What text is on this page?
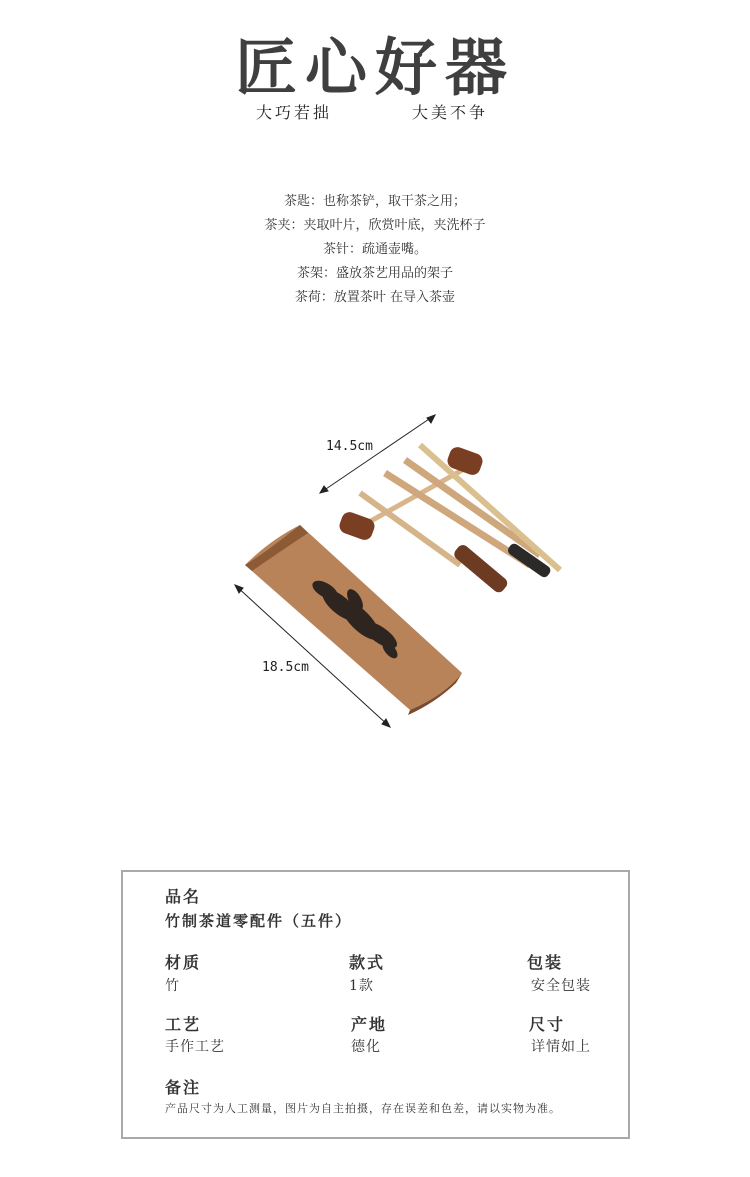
匠心好器
大巧若拙	大美不争
茶匙：也称茶铲，取干茶之用；
茶夹：夹取叶片，欣赏叶底，夹洗杯子
茶针：疏通壶嘴。
茶架：盛放茶艺用品的架子
茶荷：放置茶叶 在导入茶壶
14.5cm
18.5cm
品名
竹制茶道零配件（五件）
材质
竹
款式
1款
包装
安全包装
工艺
手作工艺
产地
德化
尺寸
详情如上
备注
产品尺寸为人工测量，图片为自主拍摄，存在误差和色差，请以实物为准。
